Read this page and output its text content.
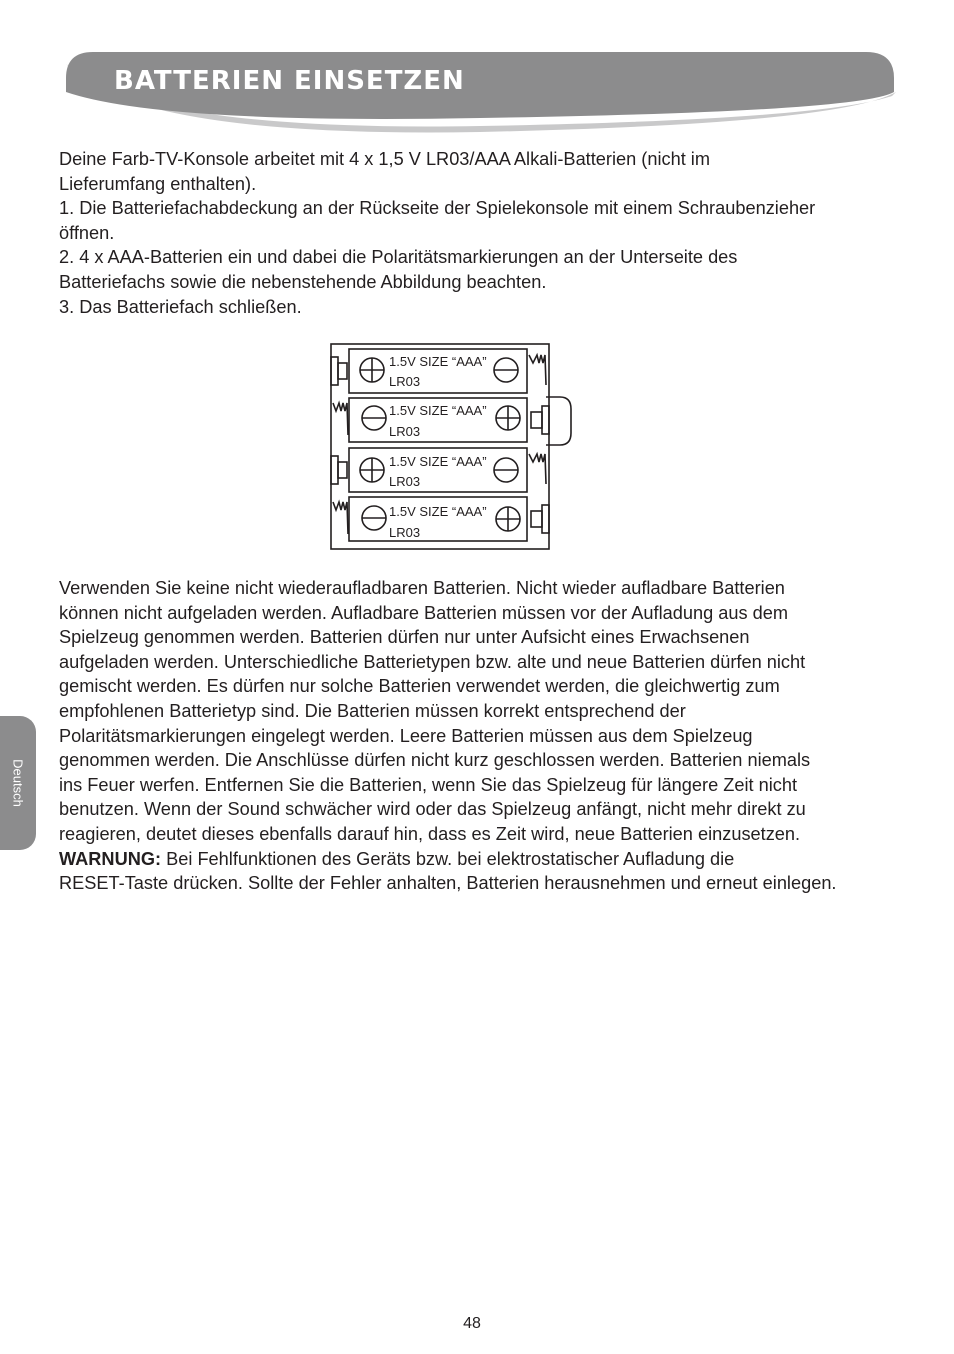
BATTERIEN EINSETZEN

Deine Farb-TV-Konsole arbeitet mit 4 x 1,5 V LR03/AAA Alkali-Batterien (nicht im

Lieferumfang enthalten).

1. Die Batteriefachabdeckung an der Rückseite der Spielekonsole mit einem Schraubenzieher

öffnen.

2. 4 x AAA-Batterien ein und dabei die Polaritätsmarkierungen an der Unterseite des

Batteriefachs sowie die nebenstehende Abbildung beachten.

3. Das Batteriefach schließen.

1.5V SIZE “AAA”
LR03
1.5V SIZE “AAA”
LR03
1.5V SIZE “AAA”
LR03
1.5V SIZE “AAA”
LR03

Verwenden Sie keine nicht wiederaufladbaren Batterien. Nicht wieder aufladbare Batterien

können nicht aufgeladen werden. Aufladbare Batterien müssen vor der Aufladung aus dem

Spielzeug genommen werden. Batterien dürfen nur unter Aufsicht eines Erwachsenen

aufgeladen werden. Unterschiedliche Batterietypen bzw. alte und neue Batterien dürfen nicht

gemischt werden. Es dürfen nur solche Batterien verwendet werden, die gleichwertig zum

empfohlenen Batterietyp sind. Die Batterien müssen korrekt entsprechend der

Polaritätsmarkierungen eingelegt werden. Leere Batterien müssen aus dem Spielzeug

genommen werden. Die Anschlüsse dürfen nicht kurz geschlossen werden. Batterien niemals

ins Feuer werfen. Entfernen Sie die Batterien, wenn Sie das Spielzeug für längere Zeit nicht

benutzen. Wenn der Sound schwächer wird oder das Spielzeug anfängt, nicht mehr direkt zu

reagieren, deutet dieses ebenfalls darauf hin, dass es Zeit wird, neue Batterien einzusetzen.

WARNUNG: Bei Fehlfunktionen des Geräts bzw. bei elektrostatischer Aufladung die

RESET-Taste drücken. Sollte der Fehler anhalten, Batterien herausnehmen und erneut einlegen.

Deutsch
48
